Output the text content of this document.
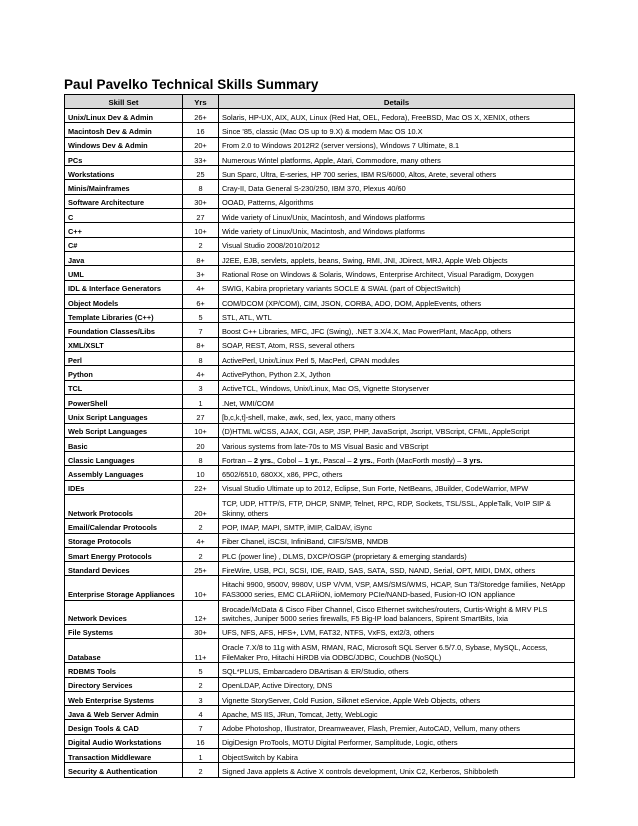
Paul Pavelko Technical Skills Summary
Skill Set	Yrs	Details
Unix/Linux Dev & Admin	26+	Solaris, HP-UX, AIX, AUX, Linux (Red Hat, OEL, Fedora), FreeBSD, Mac OS X, XENIX, others
Macintosh Dev & Admin	16	Since '85, classic (Mac OS up to 9.X) & modern Mac OS 10.X
Windows Dev & Admin	20+	From 2.0 to Windows 2012R2 (server versions), Windows 7 Ultimate, 8.1
PCs	33+	Numerous Wintel platforms, Apple, Atari, Commodore, many others
Workstations	25	Sun Sparc, Ultra, E-series, HP 700 series, IBM RS/6000, Altos, Arete, several others
Minis/Mainframes	8	Cray-II, Data General S-230/250, IBM 370, Plexus 40/60
Software Architecture	30+	OOAD, Patterns, Algorithms
C	27	Wide variety of Linux/Unix, Macintosh, and Windows platforms
C++	10+	Wide variety of Linux/Unix, Macintosh, and Windows platforms
C#	2	Visual Studio 2008/2010/2012
Java	8+	J2EE, EJB, servlets, applets, beans, Swing, RMI, JNI, JDirect, MRJ, Apple Web Objects
UML	3+	Rational Rose on Windows & Solaris, Windows, Enterprise Architect, Visual Paradigm, Doxygen
IDL & Interface Generators	4+	SWIG, Kabira proprietary variants SOCLE & SWAL (part of ObjectSwitch)
Object Models	6+	COM/DCOM (XP/COM), CIM, JSON, CORBA, ADO, DOM, AppleEvents, others
Template Libraries (C++)	5	STL, ATL, WTL
Foundation Classes/Libs	7	Boost C++ Libraries, MFC, JFC (Swing), .NET 3.X/4.X, Mac PowerPlant, MacApp, others
XML/XSLT	8+	SOAP, REST, Atom, RSS, several others
Perl	8	ActivePerl, Unix/Linux Perl 5, MacPerl, CPAN modules
Python	4+	ActivePython, Python 2.X, Jython
TCL	3	ActiveTCL, Windows, Unix/Linux, Mac OS, Vignette Storyserver
PowerShell	1	.Net, WMI/COM
Unix Script Languages	27	[b,c,k,t]-shell, make, awk, sed, lex, yacc, many others
Web Script Languages	10+	(D)HTML w/CSS, AJAX, CGI, ASP, JSP, PHP, JavaScript, Jscript, VBScript, CFML, AppleScript
Basic	20	Various systems from late-70s to MS Visual Basic and VBScript
Classic Languages	8	Fortran – 2 yrs., Cobol – 1 yr., Pascal – 2 yrs., Forth (MacForth mostly) – 3 yrs.
Assembly Languages	10	6502/6510, 680XX, x86, PPC, others
IDEs	22+	Visual Studio Ultimate up to 2012, Eclipse, Sun Forte, NetBeans, JBuilder, CodeWarrior, MPW
Network Protocols	20+	TCP, UDP, HTTP/S, FTP, DHCP, SNMP, Telnet, RPC, RDP, Sockets, TSL/SSL, AppleTalk, VoIP SIP & Skinny, others
Email/Calendar Protocols	2	POP, IMAP, MAPI, SMTP, iMIP, CalDAV, iSync
Storage Protocols	4+	Fiber Chanel, iSCSI, InfiniBand, CIFS/SMB, NMDB
Smart Energy Protocols	2	PLC (power line) , DLMS, DXCP/OSGP (proprietary & emerging standards)
Standard Devices	25+	FireWire, USB, PCI, SCSI, IDE, RAID, SAS, SATA, SSD, NAND, Serial, OPT, MIDI, DMX, others
Enterprise Storage Appliances	10+	Hitachi 9900, 9500V, 9980V, USP V/VM, VSP, AMS/SMS/WMS, HCAP, Sun T3/Storedge families, NetApp FAS3000 series, EMC CLARiiON, ioMemory PCIe/NAND-based, Fusion-IO ION appliance
Network Devices	12+	Brocade/McData & Cisco Fiber Channel, Cisco Ethernet switches/routers, Curtis-Wright & MRV PLS switches, Juniper 5000 series firewalls, F5 Big-IP load balancers, Spirent SmartBits, Ixia
File Systems	30+	UFS, NFS, AFS, HFS+, LVM, FAT32, NTFS, VxFS, ext2/3, others
Database	11+	Oracle 7.X/8 to 11g with ASM, RMAN, RAC, Microsoft SQL Server 6.5/7.0, Sybase, MySQL, Access, FileMaker Pro, Hitachi HiRDB via ODBC/JDBC, CouchDB (NoSQL)
RDBMS Tools	5	SQL*PLUS, Embarcadero DBArtisan & ER/Studio, others
Directory Services	2	OpenLDAP, Active Directory, DNS
Web Enterprise Systems	3	Vignette StoryServer, Cold Fusion, Silknet eService, Apple Web Objects, others
Java & Web Server Admin	4	Apache, MS IIS, JRun, Tomcat, Jetty, WebLogic
Design Tools & CAD	7	Adobe Photoshop, Illustrator, Dreamweaver, Flash, Premier, AutoCAD, Vellum, many others
Digital Audio Workstations	16	DigiDesign ProTools, MOTU Digital Performer, Samplitude, Logic, others
Transaction Middleware	1	ObjectSwitch by Kabira
Security & Authentication	2	Signed Java applets & Active X controls development, Unix C2, Kerberos, Shibboleth
